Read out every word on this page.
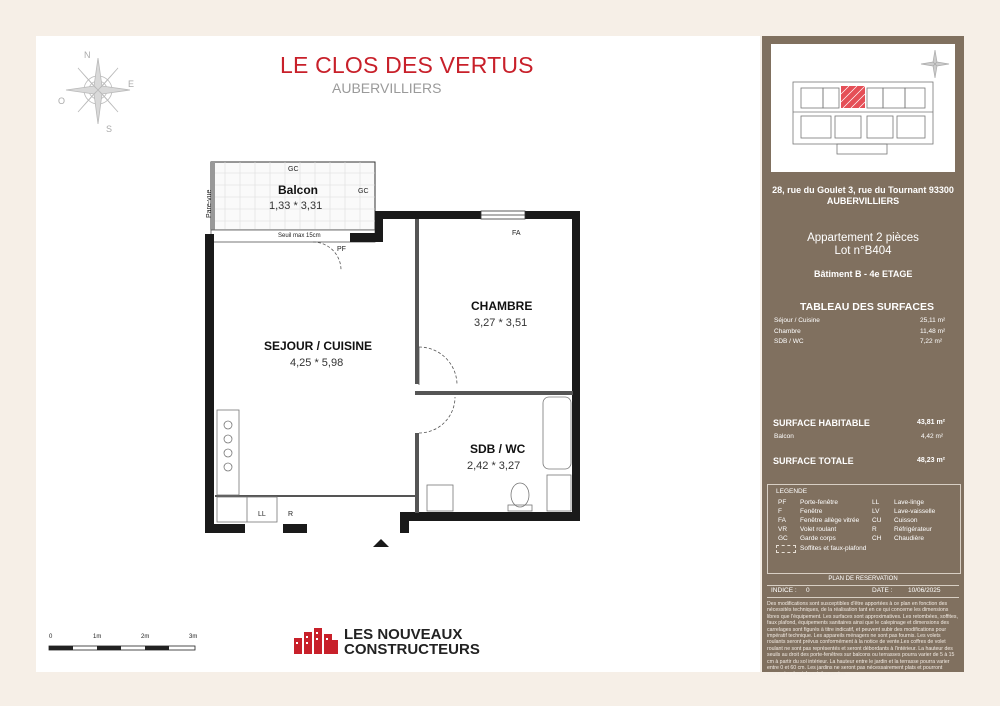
N
E
S
O
LE CLOS DES VERTUS
AUBERVILLIERS
GC
Balcon
1,33 * 3,31
GC
Pare-vue
Seuil max 15cm
PF
FA
CHAMBRE
3,27 * 3,51
SEJOUR / CUISINE
4,25 * 5,98
SDB / WC
2,42 * 3,27
LL	R
0	1m	2m	3m	LES NOUVEAUX
CONSTRUCTEURS
28, rue du Goulet 3, rue du Tournant 93300 AUBERVILLIERS
Appartement 2 pièces
Lot n°B404
Bâtiment B - 4e ETAGE
TABLEAU DES SURFACES
Séjour / Cuisine	25,11 m²
Chambre	11,48 m²
SDB / WC	7,22 m²
SURFACE HABITABLE	43,81 m²
Balcon	4,42 m²
SURFACE TOTALE	48,23 m²
LEGENDE
PF Porte-fenêtre
F	Fenêtre
FA Fenêtre allège vitrée
VR Volet roulant
GC Garde corps
LL Lave-linge
LV Lave-vaisselle
CU Cuisson
R	Réfrigérateur
CH Chaudière
Soffites et faux-plafond
PLAN DE RESERVATION
INDICE : 0	DATE : 10/06/2025
Des modifications sont susceptibles d'être apportées à ce plan en fonction des nécessités techniques, de la réalisation tant en ce qui concerne les dimensions libres que l'équipement. Les surfaces sont approximatives. Les retombées, soffites, faux plafond, équipements sanitaires ainsi que le calepinage et dimensions des carrelages sont figurés à titre indicatif, et peuvent subir des modifications pour impératif technique. Les appareils ménagers ne sont pas fournis. Les volets roulants seront prévus conformément à la notice de vente.Les coffres de volet roulant ne sont pas représentés et seront débordants à l'intérieur. La hauteur des seuils au droit des porte-fenêtres sur balcons ou terrasses pourra varier de 5 à 15 cm à partir du sol intérieur. La hauteur entre le jardin et la terrasse pourra varier entre 0 et 60 cm. Les jardins ne seront pas nécessairement plats et pourront comporter des talus et des pentes.
